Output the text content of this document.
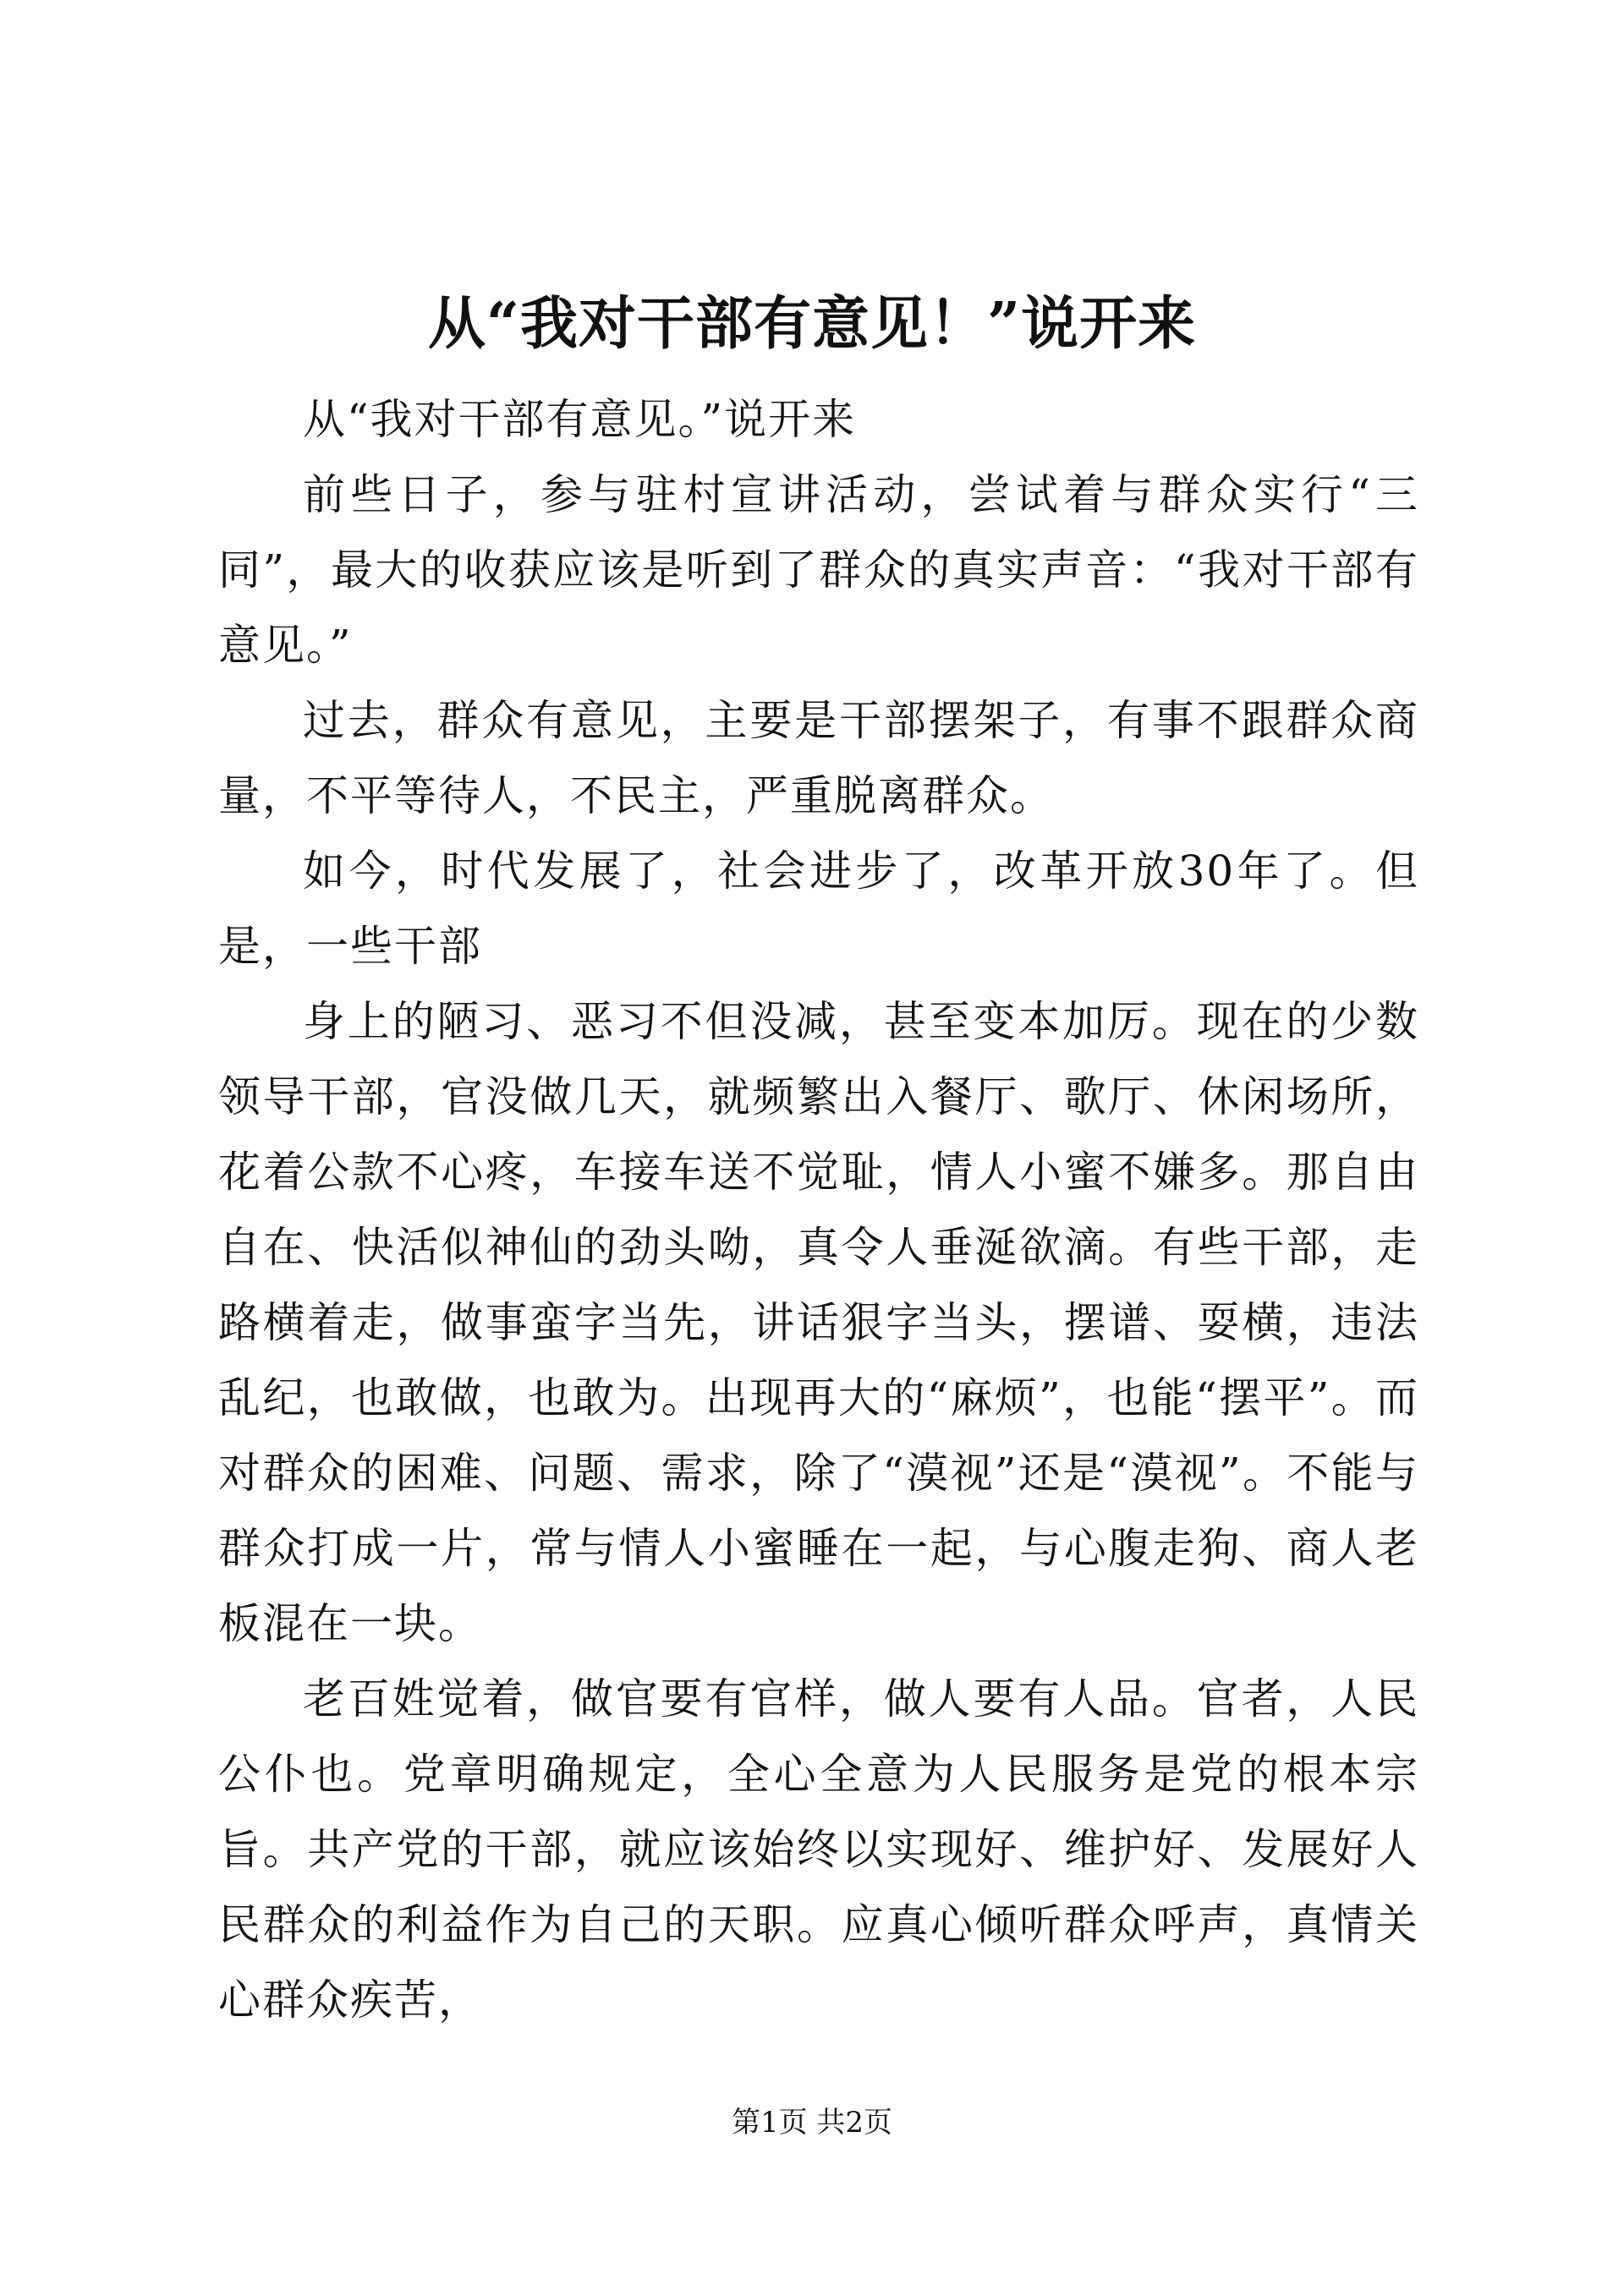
从“我对干部有意见！”说开来

从“我对干部有意见。”说开来

前些日子，参与驻村宣讲活动，尝试着与群众实行“三同”，最大的收获应该是听到了群众的真实声音：“我对干部有意见。”

过去，群众有意见，主要是干部摆架子，有事不跟群众商量，不平等待人，不民主，严重脱离群众。

如今，时代发展了，社会进步了，改革开放30年了。但是，一些干部

身上的陋习、恶习不但没减，甚至变本加厉。现在的少数领导干部，官没做几天，就频繁出入餐厅、歌厅、休闲场所，花着公款不心疼，车接车送不觉耻，情人小蜜不嫌多。那自由自在、快活似神仙的劲头呦，真令人垂涎欲滴。有些干部，走路横着走，做事蛮字当先，讲话狠字当头，摆谱、耍横，违法乱纪，也敢做，也敢为。出现再大的“麻烦”，也能“摆平”。而对群众的困难、问题、需求，除了“漠视”还是“漠视”。不能与群众打成一片，常与情人小蜜睡在一起，与心腹走狗、商人老板混在一块。

老百姓觉着，做官要有官样，做人要有人品。官者，人民公仆也。党章明确规定，全心全意为人民服务是党的根本宗旨。共产党的干部，就应该始终以实现好、维护好、发展好人民群众的利益作为自己的天职。应真心倾听群众呼声，真情关心群众疾苦，

第1页 共2页
